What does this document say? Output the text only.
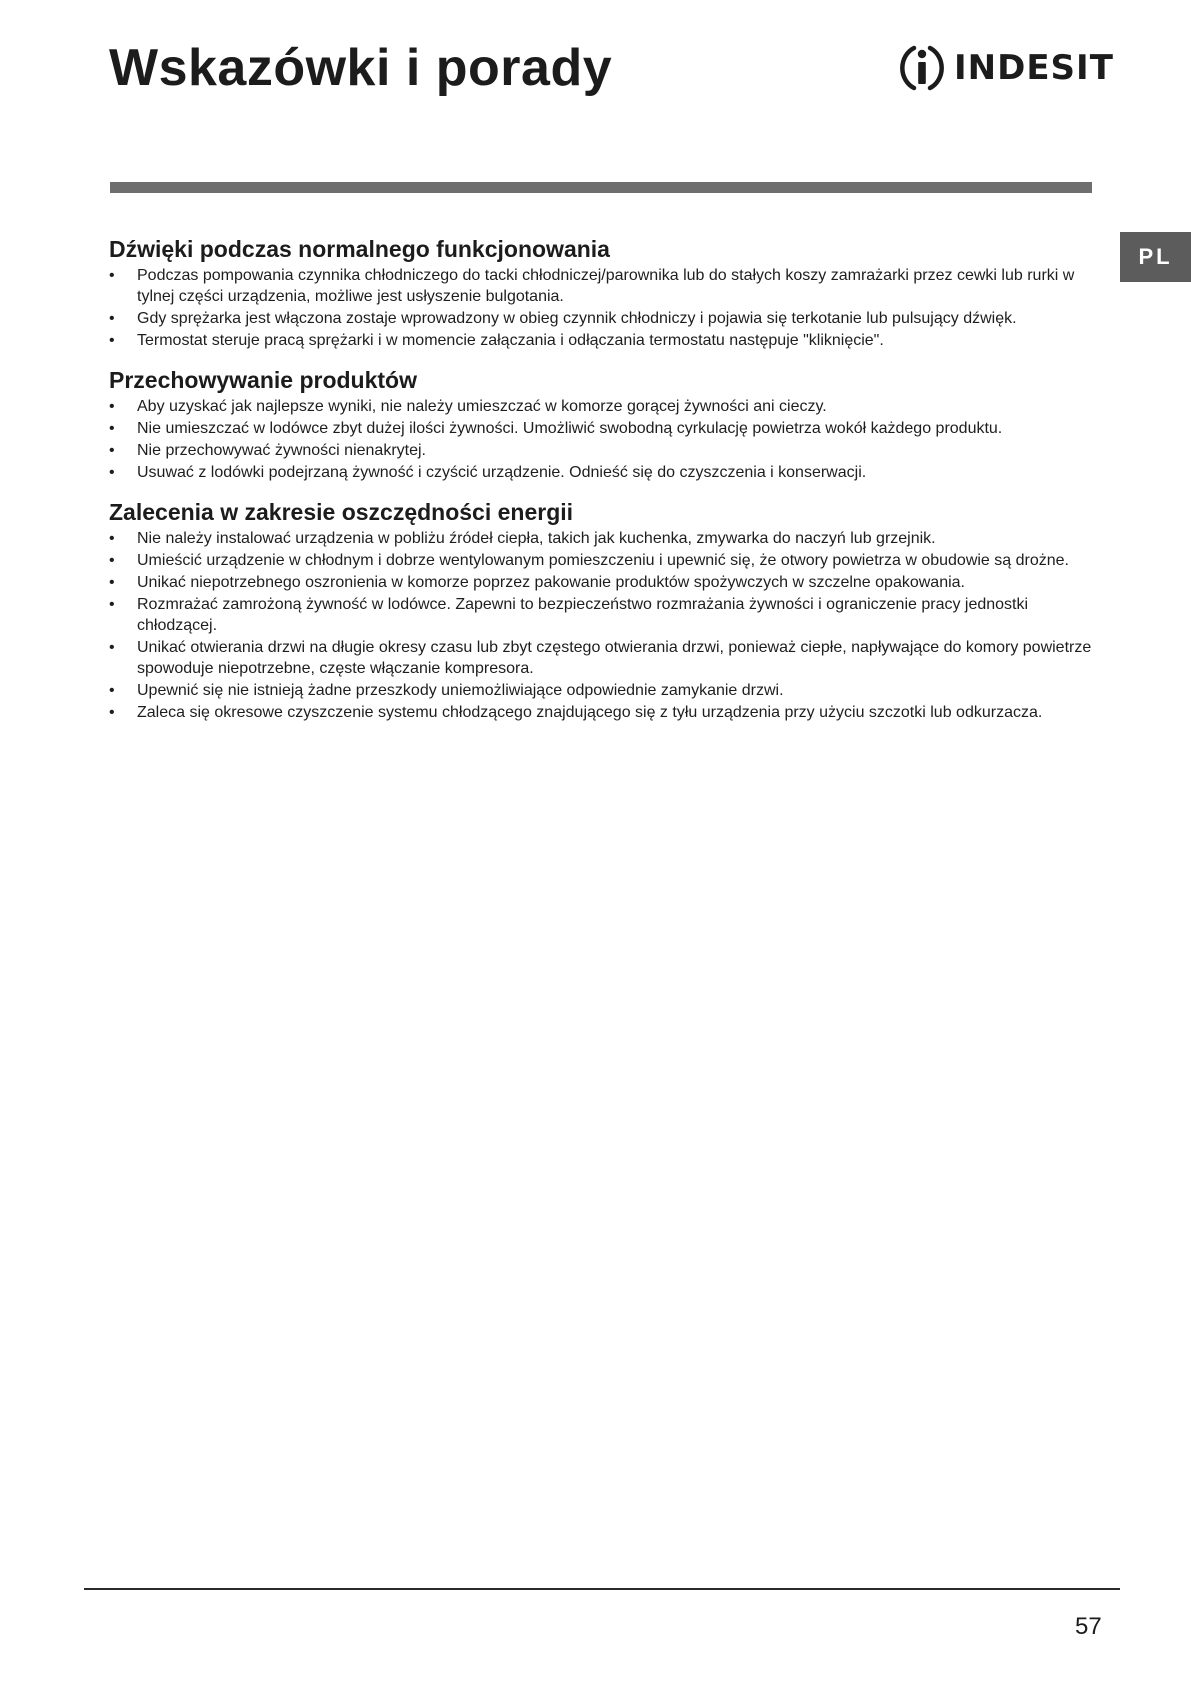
Wskazówki i porady	INDESIT
PL
Dźwięki podczas normalnego funkcjonowania
• Podczas pompowania czynnika chłodniczego do tacki chłodniczej/parownika lub do stałych koszy zamrażarki przez cewki lub rurki w tylnej części urządzenia, możliwe jest usłyszenie bulgotania.
• Gdy sprężarka jest włączona zostaje wprowadzony w obieg czynnik chłodniczy i pojawia się terkotanie lub pulsujący dźwięk.
• Termostat steruje pracą sprężarki i w momencie załączania i odłączania termostatu następuje "kliknięcie".
Przechowywanie produktów
• Aby uzyskać jak najlepsze wyniki, nie należy umieszczać w komorze gorącej żywności ani cieczy.
• Nie umieszczać w lodówce zbyt dużej ilości żywności. Umożliwić swobodną cyrkulację powietrza wokół każdego produktu.
• Nie przechowywać żywności nienakrytej.
• Usuwać z lodówki podejrzaną żywność i czyścić urządzenie. Odnieść się do czyszczenia i konserwacji.
Zalecenia w zakresie oszczędności energii
• Nie należy instalować urządzenia w pobliżu źródeł ciepła, takich jak kuchenka, zmywarka do naczyń lub grzejnik.
• Umieścić urządzenie w chłodnym i dobrze wentylowanym pomieszczeniu i upewnić się, że otwory powietrza w obudowie są drożne.
• Unikać niepotrzebnego oszronienia w komorze poprzez pakowanie produktów spożywczych w szczelne opakowania.
• Rozmrażać zamrożoną żywność w lodówce. Zapewni to bezpieczeństwo rozmrażania żywności i ograniczenie pracy jednostki chłodzącej.
• Unikać otwierania drzwi na długie okresy czasu lub zbyt częstego otwierania drzwi, ponieważ ciepłe, napływające do komory powietrze spowoduje niepotrzebne, częste włączanie kompresora.
• Upewnić się nie istnieją żadne przeszkody uniemożliwiające odpowiednie zamykanie drzwi.
• Zaleca się okresowe czyszczenie systemu chłodzącego znajdującego się z tyłu urządzenia przy użyciu szczotki lub odkurzacza.
57
